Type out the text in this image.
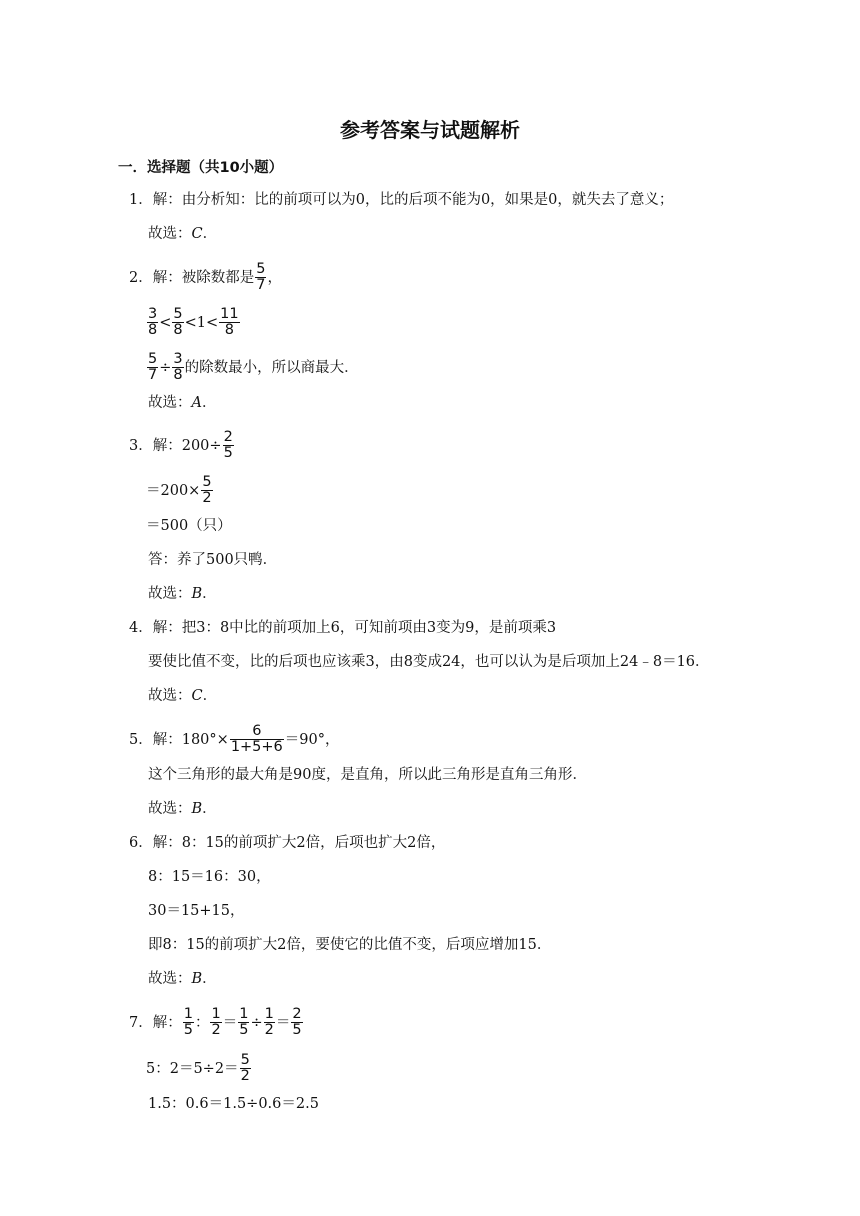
参考答案与试题解析
一．选择题（共10小题）
1．解：由分析知：比的前项可以为0，比的后项不能为0，如果是0，就失去了意义；
故选：C．
2．解：被除数都是 $\frac{5}{7}$ ，
$\frac{3}{8} < \frac{5}{8} <1< \frac{11}{8}$
$\frac{5}{7} \div \frac{3}{8}$ 的除数最小，所以商最大．
故选：A．
3．解：$200\div \frac{2}{5}$
$=200\times \frac{5}{2}$
＝500（只）
答：养了500只鸭．
故选：B．
4．解：把3：8中比的前项加上6，可知前项由3变为9，是前项乘3
要使比值不变，比的后项也应该乘3，由8变成24，也可以认为是后项加上24﹣8＝16．
故选：C．
5．解：$180^\circ\times \frac{6}{1+5+6} =90^\circ$，
这个三角形的最大角是90度，是直角，所以此三角形是直角三角形．
故选：B．
6．解：8：15的前项扩大2倍，后项也扩大2倍，
8：15＝16：30，
30＝15+15，
即8：15的前项扩大2倍，要使它的比值不变，后项应增加15．
故选：B．
7．解： $\frac{1}{5}$ ： $\frac{1}{2} = \frac{1}{5} \div \frac{1}{2} = \frac{2}{5}$
5：$2=5\div 2= \frac{5}{2}$
1.5：0.6＝1.5÷0.6＝2.5
